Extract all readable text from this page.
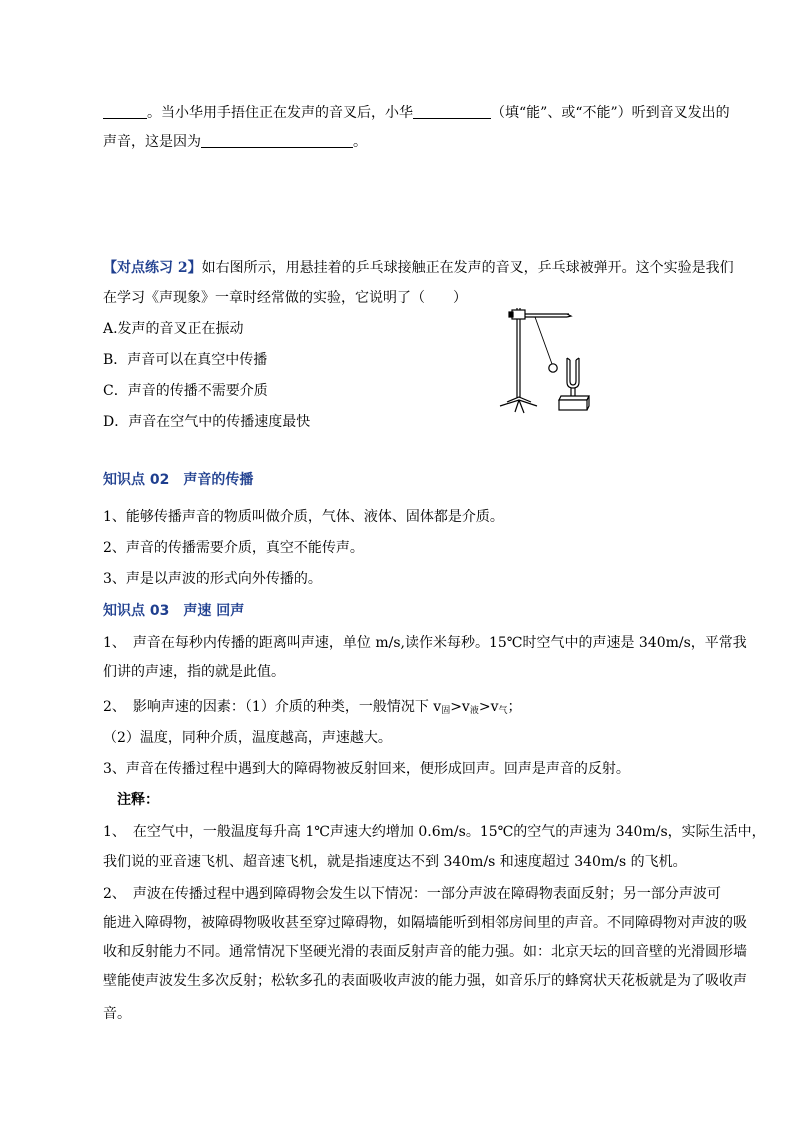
。当小华用手捂住正在发声的音叉后，小华	（填“能”、或“不能”）听到音叉发出的
声音，这是因为	。
【对点练习 2】如右图所示，用悬挂着的乒乓球接触正在发声的音叉，乒乓球被弹开。这个实验是我们
在学习《声现象》一章时经常做的实验，它说明了（　　）
A.发声的音叉正在振动
B．声音可以在真空中传播
C．声音的传播不需要介质
D．声音在空气中的传播速度最快
知识点 02　声音的传播
1、能够传播声音的物质叫做介质，气体、液体、固体都是介质。
2、声音的传播需要介质，真空不能传声。
3、声是以声波的形式向外传播的。
知识点 03　声速 回声
1、　声音在每秒内传播的距离叫声速，单位 m/s,读作米每秒。15℃时空气中的声速是 340m/s，平常我
们讲的声速，指的就是此值。
2、　影响声速的因素：（1）介质的种类，一般情况下 $v_固>v_液>v_气$；
（2）温度，同种介质，温度越高，声速越大。
3、声音在传播过程中遇到大的障碍物被反射回来，便形成回声。回声是声音的反射。
注释：
1、　在空气中，一般温度每升高 1℃声速大约增加 0.6m/s。15℃的空气的声速为 340m/s，实际生活中，
我们说的亚音速飞机、超音速飞机，就是指速度达不到 340m/s 和速度超过 340m/s 的飞机。
2、　声波在传播过程中遇到障碍物会发生以下情况：一部分声波在障碍物表面反射；另一部分声波可
能进入障碍物，被障碍物吸收甚至穿过障碍物，如隔墙能听到相邻房间里的声音。不同障碍物对声波的吸
收和反射能力不同。通常情况下坚硬光滑的表面反射声音的能力强。如：北京天坛的回音壁的光滑圆形墙
壁能使声波发生多次反射；松软多孔的表面吸收声波的能力强，如音乐厅的蜂窝状天花板就是为了吸收声
音。
